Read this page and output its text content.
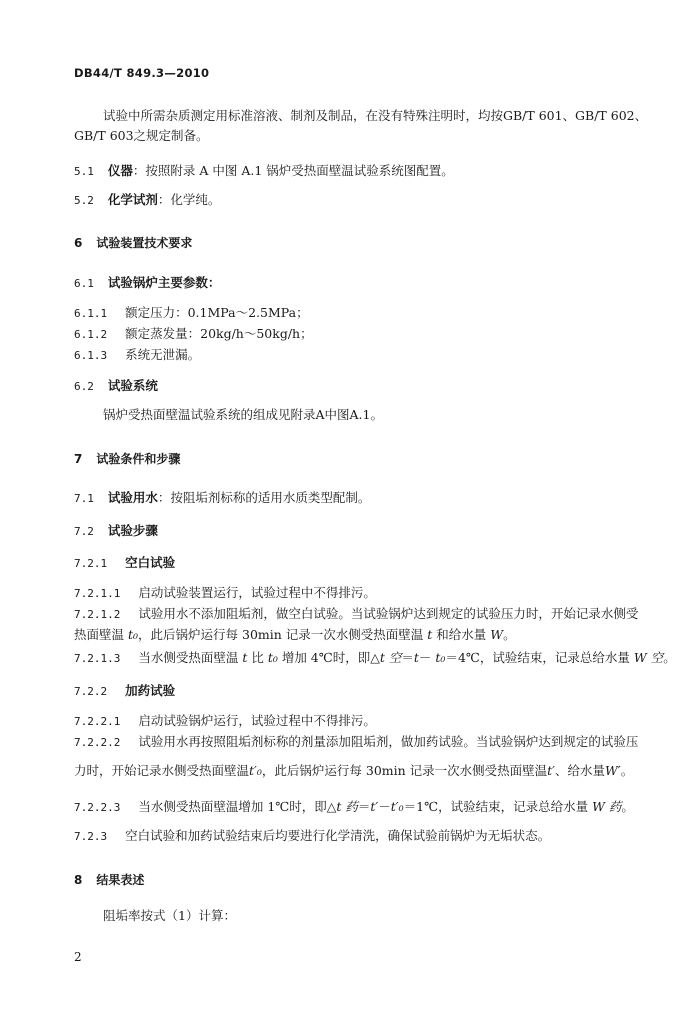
DB44/T 849.3—2010
试验中所需杂质测定用标准溶液、制剂及制品，在没有特殊注明时，均按GB/T 601、GB/T 602、GB/T 603之规定制备。
5.1 仪器：按照附录 A 中图 A.1 锅炉受热面壁温试验系统图配置。
5.2 化学试剂：化学纯。
6 试验装置技术要求
6.1 试验锅炉主要参数：
6.1.1 额定压力：0.1MPa～2.5MPa；
6.1.2 额定蒸发量：20kg/h～50kg/h；
6.1.3 系统无泄漏。
6.2 试验系统
锅炉受热面壁温试验系统的组成见附录A中图A.1。
7 试验条件和步骤
7.1 试验用水：按阻垢剂标称的适用水质类型配制。
7.2 试验步骤
7.2.1 空白试验
7.2.1.1 启动试验装置运行，试验过程中不得排污。
7.2.1.2 试验用水不添加阻垢剂，做空白试验。当试验锅炉达到规定的试验压力时，开始记录水侧受
热面壁温 t₀，此后锅炉运行每 30min 记录一次水侧受热面壁温 t 和给水量 W。
7.2.1.3 当水侧受热面壁温 t 比 t₀ 增加 4℃时，即△t 空＝t－ t₀＝4℃，试验结束，记录总给水量 W 空。
7.2.2 加药试验
7.2.2.1 启动试验锅炉运行，试验过程中不得排污。
7.2.2.2 试验用水再按照阻垢剂标称的剂量添加阻垢剂，做加药试验。当试验锅炉达到规定的试验压
力时，开始记录水侧受热面壁温t′₀，此后锅炉运行每 30min 记录一次水侧受热面壁温t′、给水量W′。
7.2.2.3 当水侧受热面壁温增加 1℃时，即△t 药＝t′－t′₀＝1℃，试验结束，记录总给水量 W 药。
7.2.3 空白试验和加药试验结束后均要进行化学清洗，确保试验前锅炉为无垢状态。
8 结果表述
阻垢率按式（1）计算：
2
